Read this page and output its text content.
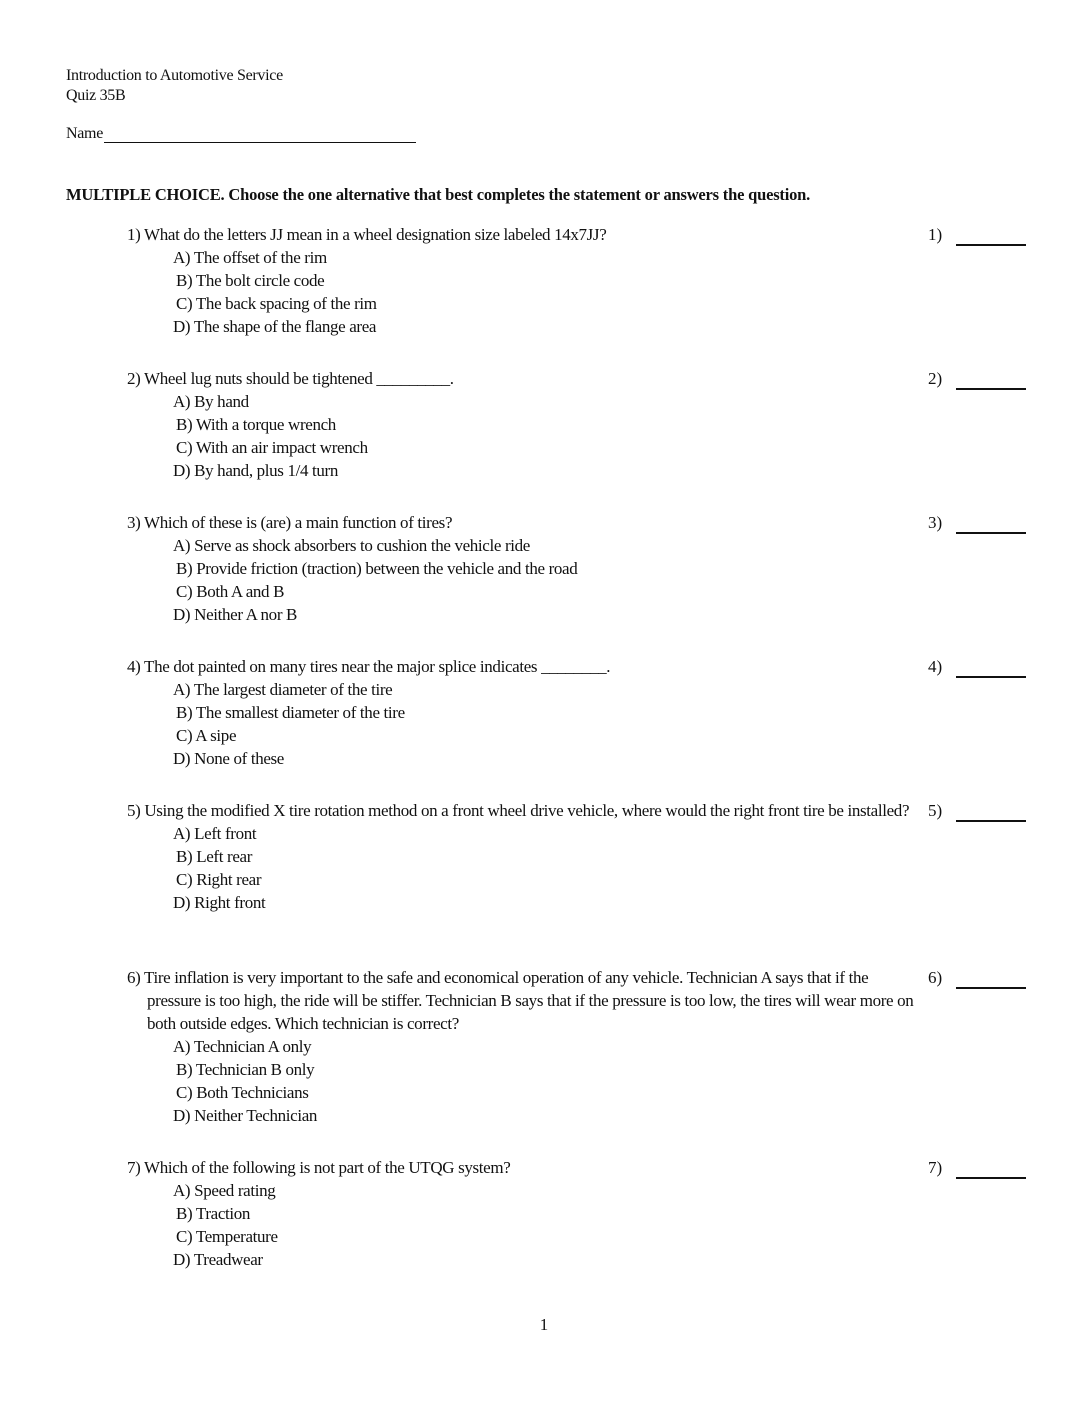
Introduction to Automotive Service
Quiz 35B
Name
MULTIPLE CHOICE. Choose the one alternative that best completes the statement or answers the question.
1) What do the letters JJ mean in a wheel designation size labeled 14x7JJ?
A) The offset of the rim
B) The bolt circle code
C) The back spacing of the rim
D) The shape of the flange area
1)
2) Wheel lug nuts should be tightened _________.
A) By hand
B) With a torque wrench
C) With an air impact wrench
D) By hand, plus 1/4 turn
2)
3) Which of these is (are) a main function of tires?
A) Serve as shock absorbers to cushion the vehicle ride
B) Provide friction (traction) between the vehicle and the road
C) Both A and B
D) Neither A nor B
3)
4) The dot painted on many tires near the major splice indicates ________.
A) The largest diameter of the tire
B) The smallest diameter of the tire
C) A sipe
D) None of these
4)
5) Using the modified X tire rotation method on a front wheel drive vehicle, where would the right front tire be installed?
A) Left front
B) Left rear
C) Right rear
D) Right front
5)
6) Tire inflation is very important to the safe and economical operation of any vehicle. Technician A says that if the pressure is too high, the ride will be stiffer. Technician B says that if the pressure is too low, the tires will wear more on both outside edges. Which technician is correct?
A) Technician A only
B) Technician B only
C) Both Technicians
D) Neither Technician
6)
7) Which of the following is not part of the UTQG system?
A) Speed rating
B) Traction
C) Temperature
D) Treadwear
7)
1
